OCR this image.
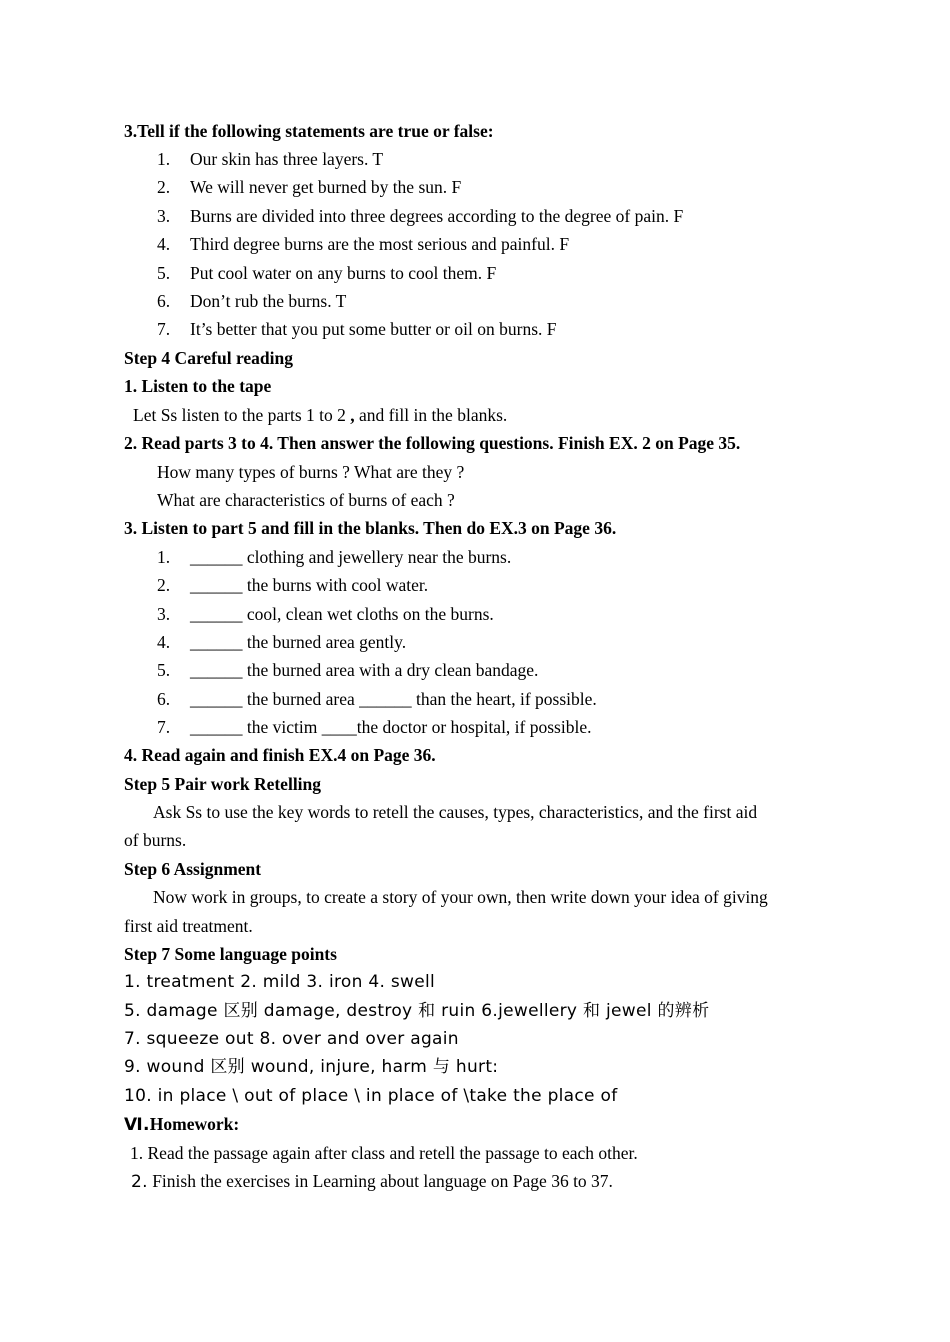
3.Tell if the following statements are true or false:
1. Our skin has three layers. T
2. We will never get burned by the sun. F
3. Burns are divided into three degrees according to the degree of pain. F
4. Third degree burns are the most serious and painful. F
5. Put cool water on any burns to cool them. F
6. Don’t rub the burns. T
7. It’s better that you put some butter or oil on burns. F
Step 4 Careful reading
1. Listen to the tape
Let Ss listen to the parts 1 to 2 , and fill in the blanks.
2. Read parts 3 to 4. Then answer the following questions. Finish EX. 2 on Page 35.
How many types of burns ? What are they ?
What are characteristics of burns of each ?
3. Listen to part 5 and fill in the blanks. Then do EX.3 on Page 36.
1. ______ clothing and jewellery near the burns.
2. ______ the burns with cool water.
3. ______ cool, clean wet cloths on the burns.
4. ______ the burned area gently.
5. ______ the burned area with a dry clean bandage.
6. ______ the burned area ______ than the heart, if possible.
7. ______ the victim ____the doctor or hospital, if possible.
4. Read again and finish EX.4 on Page 36.
Step 5 Pair work Retelling
Ask Ss to use the key words to retell the causes, types, characteristics, and the first aid
of burns.
Step 6 Assignment
Now work in groups, to create a story of your own, then write down your idea of giving
first aid treatment.
Step 7 Some language points
1. treatment 2. mild 3. iron 4. swell
5. damage 区别 damage, destroy 和 ruin 6.jewellery 和 jewel 的辨析
7. squeeze out 8. over and over again
9. wound 区别 wound, injure, harm 与 hurt:
10. in place \ out of place \ in place of \take the place of
Ⅵ.Homework:
1. Read the passage again after class and retell the passage to each other.
2. Finish the exercises in Learning about language on Page 36 to 37.
